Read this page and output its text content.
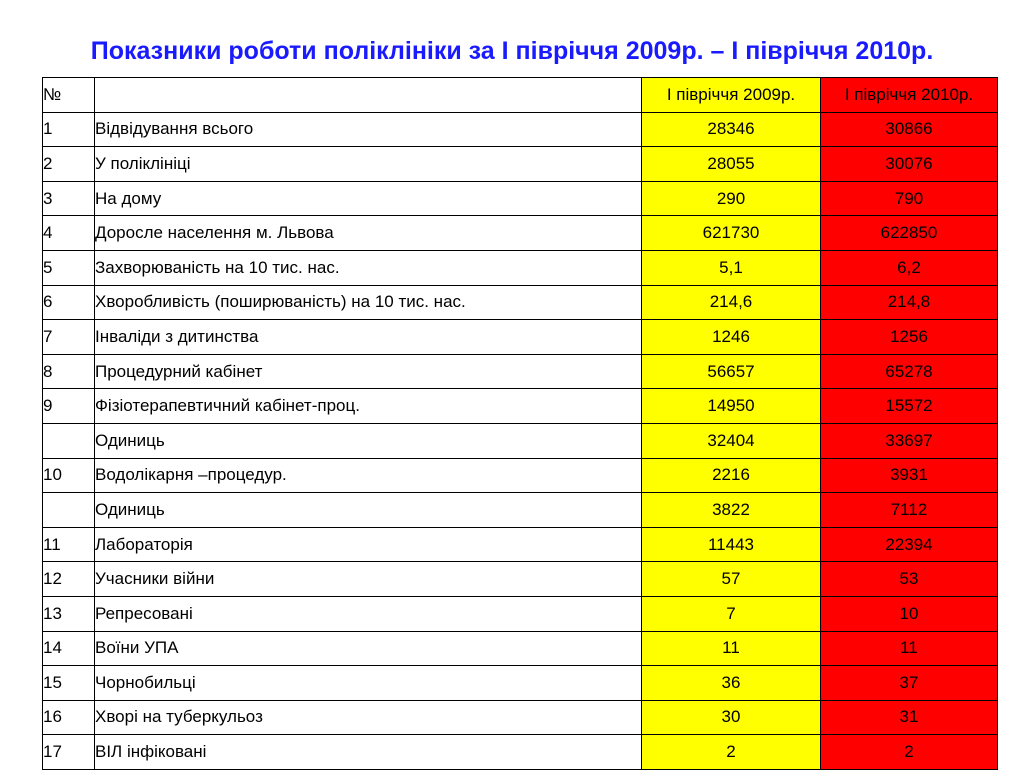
Показники роботи поліклініки за І півріччя 2009р. – І півріччя 2010р.
№		І півріччя 2009р.	І півріччя 2010р.
1	Відвідування всього	28346	30866
2	У поліклініці	28055	30076
3	На дому	290	790
4	Доросле населення м. Львова	621730	622850
5	Захворюваність на 10 тис. нас.	5,1	6,2
6	Хворобливість (поширюваність) на 10 тис. нас.	214,6	214,8
7	Інваліди з дитинства	1246	1256
8	Процедурний кабінет	56657	65278
9	Фізіотерапевтичний кабінет-проц.	14950	15572
	Одиниць	32404	33697
10	Водолікарня –процедур.	2216	3931
	Одиниць	3822	7112
11	Лабораторія	11443	22394
12	Учасники війни	57	53
13	Репресовані	7	10
14	Воїни УПА	11	11
15	Чорнобильці	36	37
16	Хворі на туберкульоз	30	31
17	ВІЛ інфіковані	2	2
